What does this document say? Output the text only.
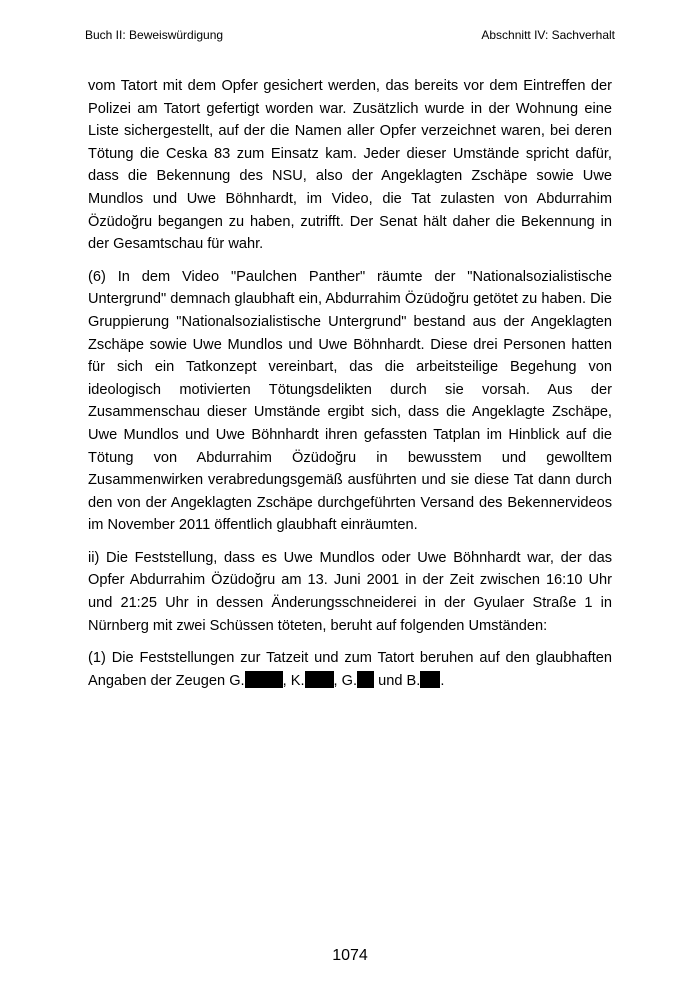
Buch II: Beweiswürdigung	Abschnitt IV: Sachverhalt

vom Tatort mit dem Opfer gesichert werden, das bereits vor dem Eintreffen der Polizei am Tatort gefertigt worden war. Zusätzlich wurde in der Wohnung eine Liste sichergestellt, auf der die Namen aller Opfer verzeichnet waren, bei deren Tötung die Ceska 83 zum Einsatz kam. Jeder dieser Umstände spricht dafür, dass die Bekennung des NSU, also der Angeklagten Zschäpe sowie Uwe Mundlos und Uwe Böhnhardt, im Video, die Tat zulasten von Abdurrahim Özüdoğru begangen zu haben, zutrifft. Der Senat hält daher die Bekennung in der Gesamtschau für wahr.

(6) In dem Video "Paulchen Panther" räumte der "Nationalsozialistische Untergrund" demnach glaubhaft ein, Abdurrahim Özüdoğru getötet zu haben. Die Gruppierung "Nationalsozialistische Untergrund" bestand aus der Angeklagten Zschäpe sowie Uwe Mundlos und Uwe Böhnhardt. Diese drei Personen hatten für sich ein Tatkonzept vereinbart, das die arbeitsteilige Begehung von ideologisch motivierten Tötungsdelikten durch sie vorsah. Aus der Zusammenschau dieser Umstände ergibt sich, dass die Angeklagte Zschäpe, Uwe Mundlos und Uwe Böhnhardt ihren gefassten Tatplan im Hinblick auf die Tötung von Abdurrahim Özüdoğru in bewusstem und gewolltem Zusammenwirken verabredungsgemäß ausführten und sie diese Tat dann durch den von der Angeklagten Zschäpe durchgeführten Versand des Bekennervideos im November 2011 öffentlich glaubhaft einräumten.

ii) Die Feststellung, dass es Uwe Mundlos oder Uwe Böhnhardt war, der das Opfer Abdurrahim Özüdoğru am 13. Juni 2001 in der Zeit zwischen 16:10 Uhr und 21:25 Uhr in dessen Änderungsschneiderei in der Gyulaer Straße 1 in Nürnberg mit zwei Schüssen töteten, beruht auf folgenden Umständen:

(1) Die Feststellungen zur Tatzeit und zum Tatort beruhen auf den glaubhaften Angaben der Zeugen G.	, K. , G. und B. .

1074
